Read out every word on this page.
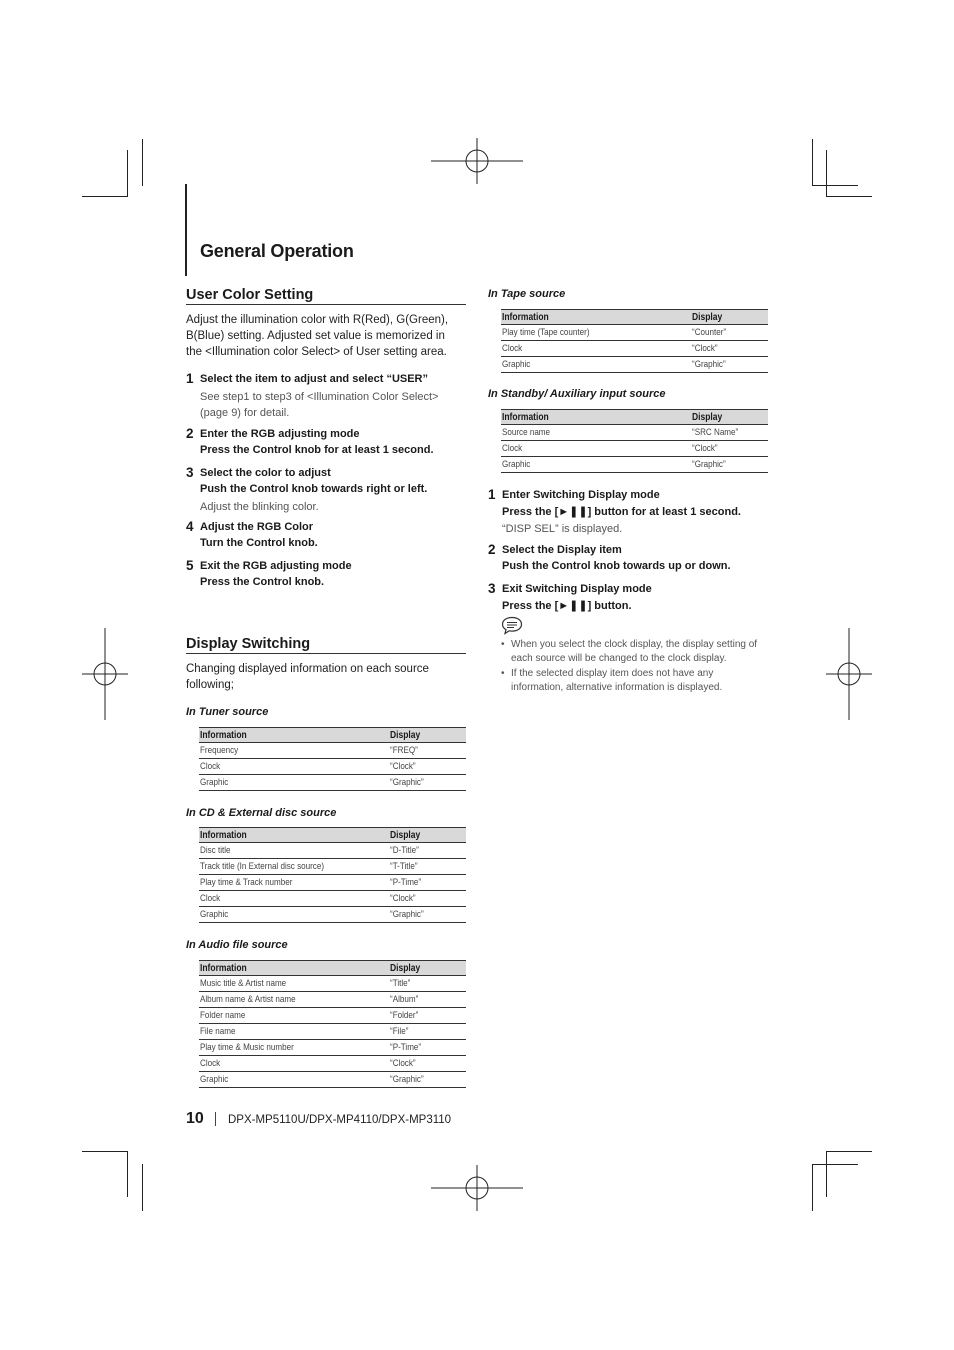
General Operation
User Color Setting
Adjust the illumination color with R(Red), G(Green),
B(Blue) setting. Adjusted set value is memorized in
the <Illumination color Select> of User setting area.
1 Select the item to adjust and select “USER”
See step1 to step3 of <Illumination Color Select>
(page 9) for detail.
2 Enter the RGB adjusting mode
Press the Control knob for at least 1 second.
3 Select the color to adjust
Push the Control knob towards right or left.
Adjust the blinking color.
4 Adjust the RGB Color
Turn the Control knob.
5 Exit the RGB adjusting mode
Press the Control knob.
Display Switching
Changing displayed information on each source
following;
In Tuner source
Information	Display
Frequency	“FREQ”
Clock	“Clock”
Graphic	“Graphic”
In CD & External disc source
Information	Display
Disc title	“D-Title”
Track title (In External disc source)	“T-Title”
Play time & Track number	“P-Time”
Clock	“Clock”
Graphic	“Graphic”
In Audio file source
Information	Display
Music title & Artist name	“Title”
Album name & Artist name	“Album”
Folder name	“Folder”
File name	“File”
Play time & Music number	“P-Time”
Clock	“Clock”
Graphic	“Graphic”
In Tape source
Information	Display
Play time (Tape counter)	“Counter”
Clock	“Clock”
Graphic	“Graphic”
In Standby/ Auxiliary input source
Information	Display
Source name	“SRC Name”
Clock	“Clock”
Graphic	“Graphic”
1 Enter Switching Display mode
Press the [►❚❚] button for at least 1 second.
“DISP SEL” is displayed.
2 Select the Display item
Push the Control knob towards up or down.
3 Exit Switching Display mode
Press the [►❚❚] button.
• When you select the clock display, the display setting of
each source will be changed to the clock display.
• If the selected display item does not have any
information, alternative information is displayed.
10 DPX-MP5110U/DPX-MP4110/DPX-MP3110
